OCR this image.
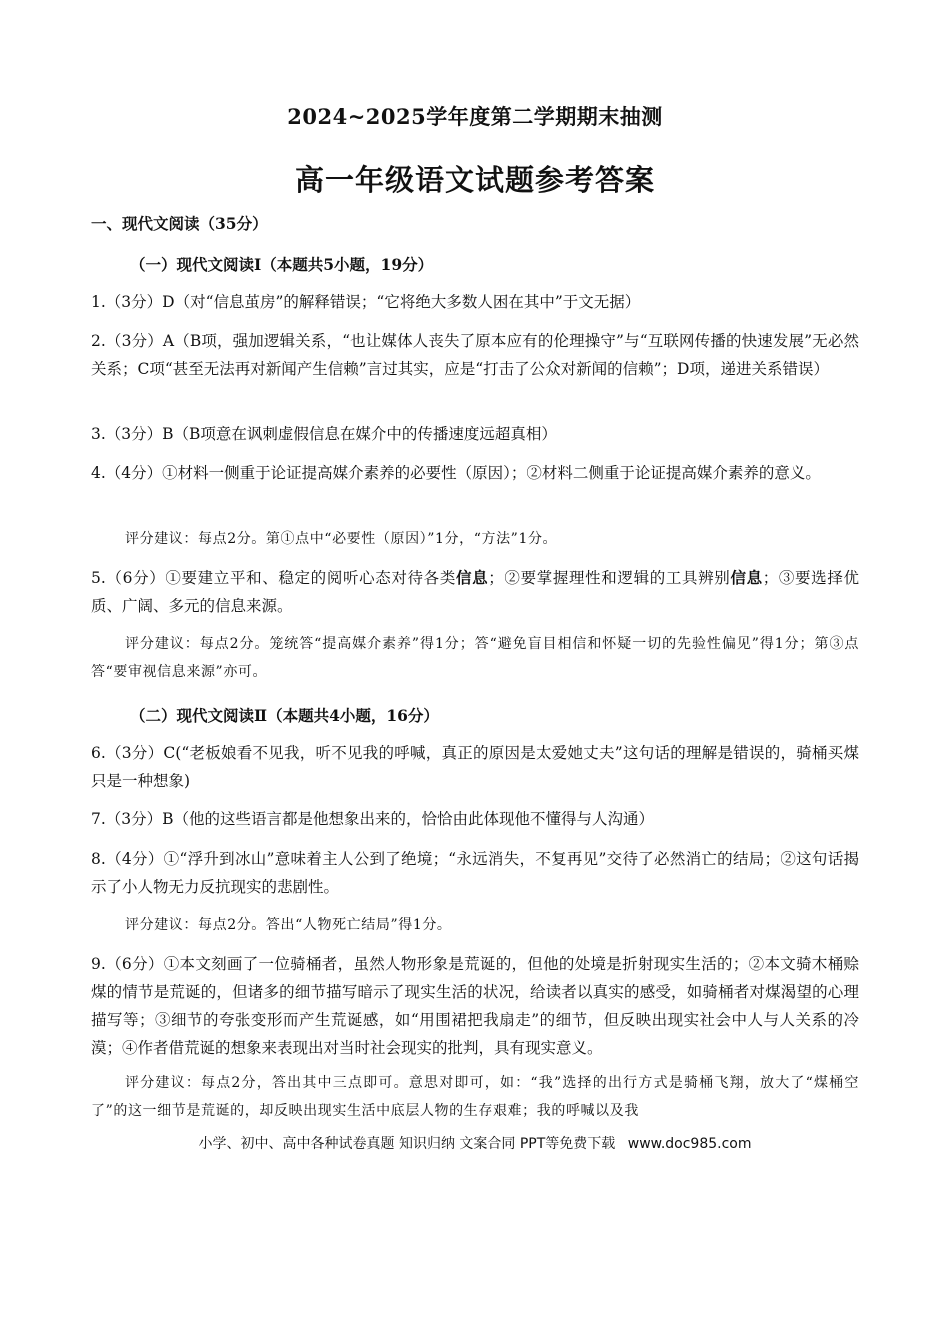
2024~2025学年度第二学期期末抽测
高一年级语文试题参考答案
一、现代文阅读（35分）
（一）现代文阅读Ⅰ（本题共5小题，19分）
1.（3分）D（对“信息茧房”的解释错误；“它将绝大多数人困在其中”于文无据）
2.（3分）A（B项，强加逻辑关系，“也让媒体人丧失了原本应有的伦理操守”与“互联网传播的快速发展”无必然关系；C项“甚至无法再对新闻产生信赖”言过其实，应是“打击了公众对新闻的信赖”；D项，递进关系错误）
3.（3分）B（B项意在讽刺虚假信息在媒介中的传播速度远超真相）
4.（4分）①材料一侧重于论证提高媒介素养的必要性（原因）；②材料二侧重于论证提高媒介素养的意义。
评分建议：每点2分。第①点中“必要性（原因）”1分，“方法”1分。
5.（6分）①要建立平和、稳定的阅听心态对待各类信息；②要掌握理性和逻辑的工具辨别信息；③要选择优质、广阔、多元的信息来源。
评分建议：每点2分。笼统答“提高媒介素养”得1分；答“避免盲目相信和怀疑一切的先验性偏见”得1分；第③点答“要审视信息来源”亦可。
（二）现代文阅读Ⅱ（本题共4小题，16分）
6.（3分）C(“老板娘看不见我，听不见我的呼喊，真正的原因是太爱她丈夫”这句话的理解是错误的，骑桶买煤只是一种想象)
7.（3分）B（他的这些语言都是他想象出来的，恰恰由此体现他不懂得与人沟通）
8.（4分）①“浮升到冰山”意味着主人公到了绝境；“永远消失，不复再见”交待了必然消亡的结局；②这句话揭示了小人物无力反抗现实的悲剧性。
评分建议：每点2分。答出“人物死亡结局”得1分。
9.（6分）①本文刻画了一位骑桶者，虽然人物形象是荒诞的，但他的处境是折射现实生活的；②本文骑木桶赊煤的情节是荒诞的，但诸多的细节描写暗示了现实生活的状况，给读者以真实的感受，如骑桶者对煤渴望的心理描写等；③细节的夸张变形而产生荒诞感，如“用围裙把我扇走”的细节，但反映出现实社会中人与人关系的冷漠；④作者借荒诞的想象来表现出对当时社会现实的批判，具有现实意义。
评分建议：每点2分，答出其中三点即可。意思对即可，如：“我”选择的出行方式是骑桶飞翔，放大了“煤桶空了”的这一细节是荒诞的，却反映出现实生活中底层人物的生存艰难；我的呼喊以及我
小学、初中、高中各种试卷真题 知识归纳 文案合同 PPT等免费下载 www.doc985.com
